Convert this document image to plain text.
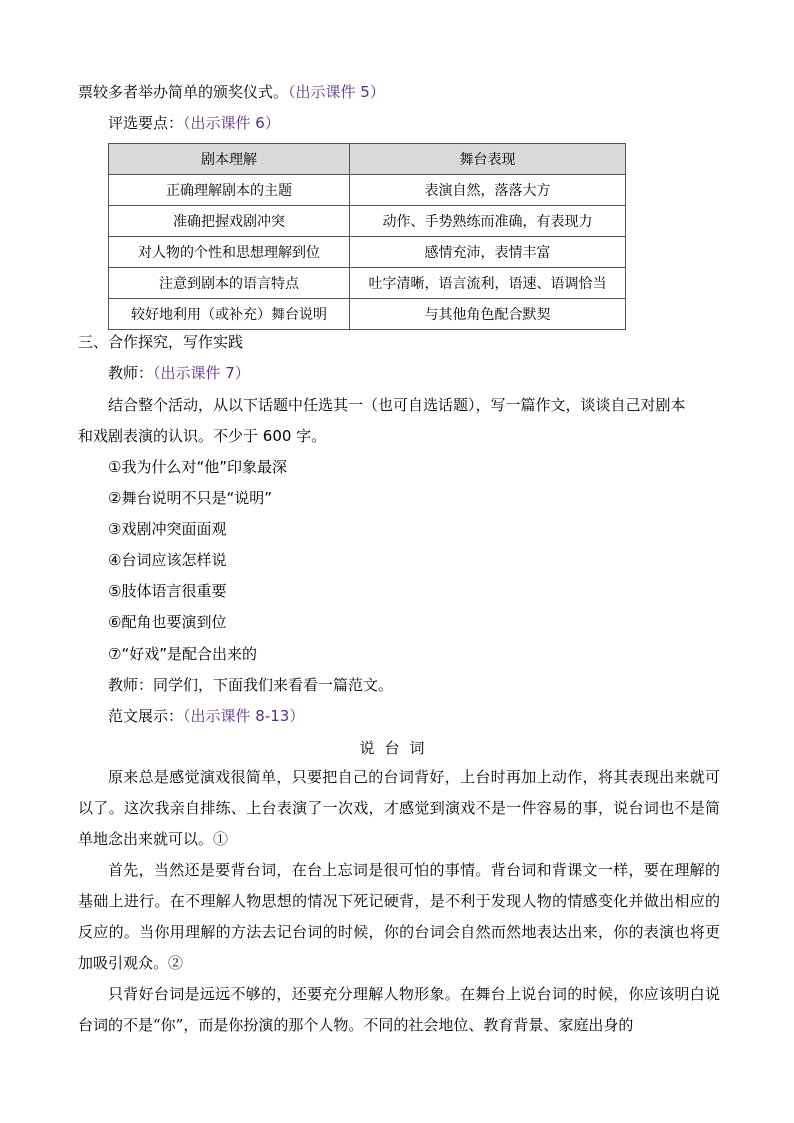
票较多者举办简单的颁奖仪式。（出示课件 5）
评选要点：（出示课件 6）
剧本理解	舞台表现
正确理解剧本的主题	表演自然，落落大方
准确把握戏剧冲突	动作、手势熟练而准确，有表现力
对人物的个性和思想理解到位	感情充沛，表情丰富
注意到剧本的语言特点	吐字清晰，语言流利，语速、语调恰当
较好地利用（或补充）舞台说明	与其他角色配合默契
三、合作探究，写作实践
教师：（出示课件 7）
结合整个活动，从以下话题中任选其一（也可自选话题），写一篇作文，谈谈自己对剧本
和戏剧表演的认识。不少于 600 字。
①我为什么对“他”印象最深
②舞台说明不只是“说明”
③戏剧冲突面面观
④台词应该怎样说
⑤肢体语言很重要
⑥配角也要演到位
⑦“好戏”是配合出来的
教师：同学们，下面我们来看看一篇范文。
范文展示：（出示课件 8-13）
说台词
原来总是感觉演戏很简单，只要把自己的台词背好，上台时再加上动作，将其表现出来就可以了。这次我亲自排练、上台表演了一次戏，才感觉到演戏不是一件容易的事，说台词也不是简单地念出来就可以。①
首先，当然还是要背台词，在台上忘词是很可怕的事情。背台词和背课文一样，要在理解的基础上进行。在不理解人物思想的情况下死记硬背，是不利于发现人物的情感变化并做出相应的反应的。当你用理解的方法去记台词的时候，你的台词会自然而然地表达出来，你的表演也将更加吸引观众。②
只背好台词是远远不够的，还要充分理解人物形象。在舞台上说台词的时候，你应该明白说台词的不是“你”，而是你扮演的那个人物。不同的社会地位、教育背景、家庭出身的
